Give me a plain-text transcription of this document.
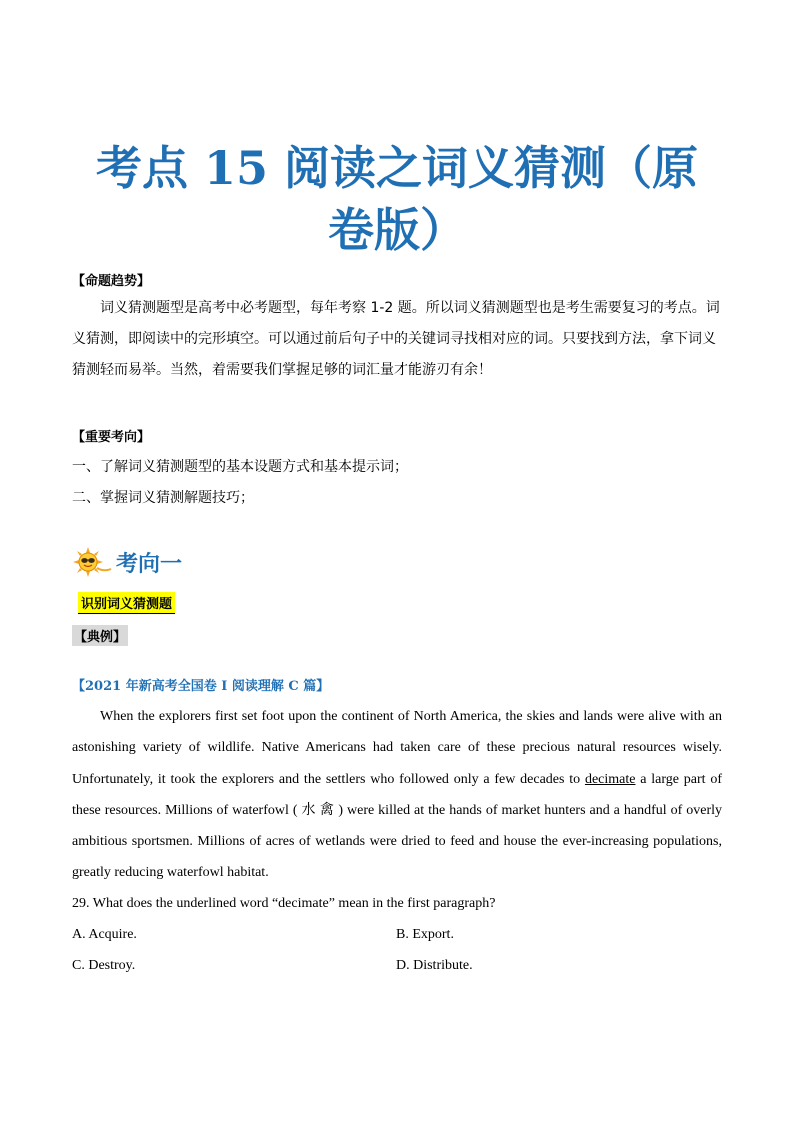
考点 15 阅读之词义猜测（原
卷版）
【命题趋势】
词义猜测题型是高考中必考题型，每年考察 1-2 题。所以词义猜测题型也是考生需要复习的考点。词义猜测，即阅读中的完形填空。可以通过前后句子中的关键词寻找相对应的词。只要找到方法，拿下词义猜测轻而易举。当然，着需要我们掌握足够的词汇量才能游刃有余！
【重要考向】
一、了解词义猜测题型的基本设题方式和基本提示词；
二、掌握词义猜测解题技巧；
考向一
识别词义猜测题
【典例】
【2021 年新高考全国卷 I 阅读理解 C 篇】
When the explorers first set foot upon the continent of North America, the skies and lands were alive with an astonishing variety of wildlife. Native Americans had taken care of these precious natural resources wisely. Unfortunately, it took the explorers and the settlers who followed only a few decades to decimate a large part of these resources. Millions of waterfowl ( 水 禽 ) were killed at the hands of market hunters and a handful of overly ambitious sportsmen. Millions of acres of wetlands were dried to feed and house the ever-increasing populations, greatly reducing waterfowl habitat.
29. What does the underlined word “decimate” mean in the first paragraph?
A. Acquire.	B. Export.
C. Destroy.	D. Distribute.
